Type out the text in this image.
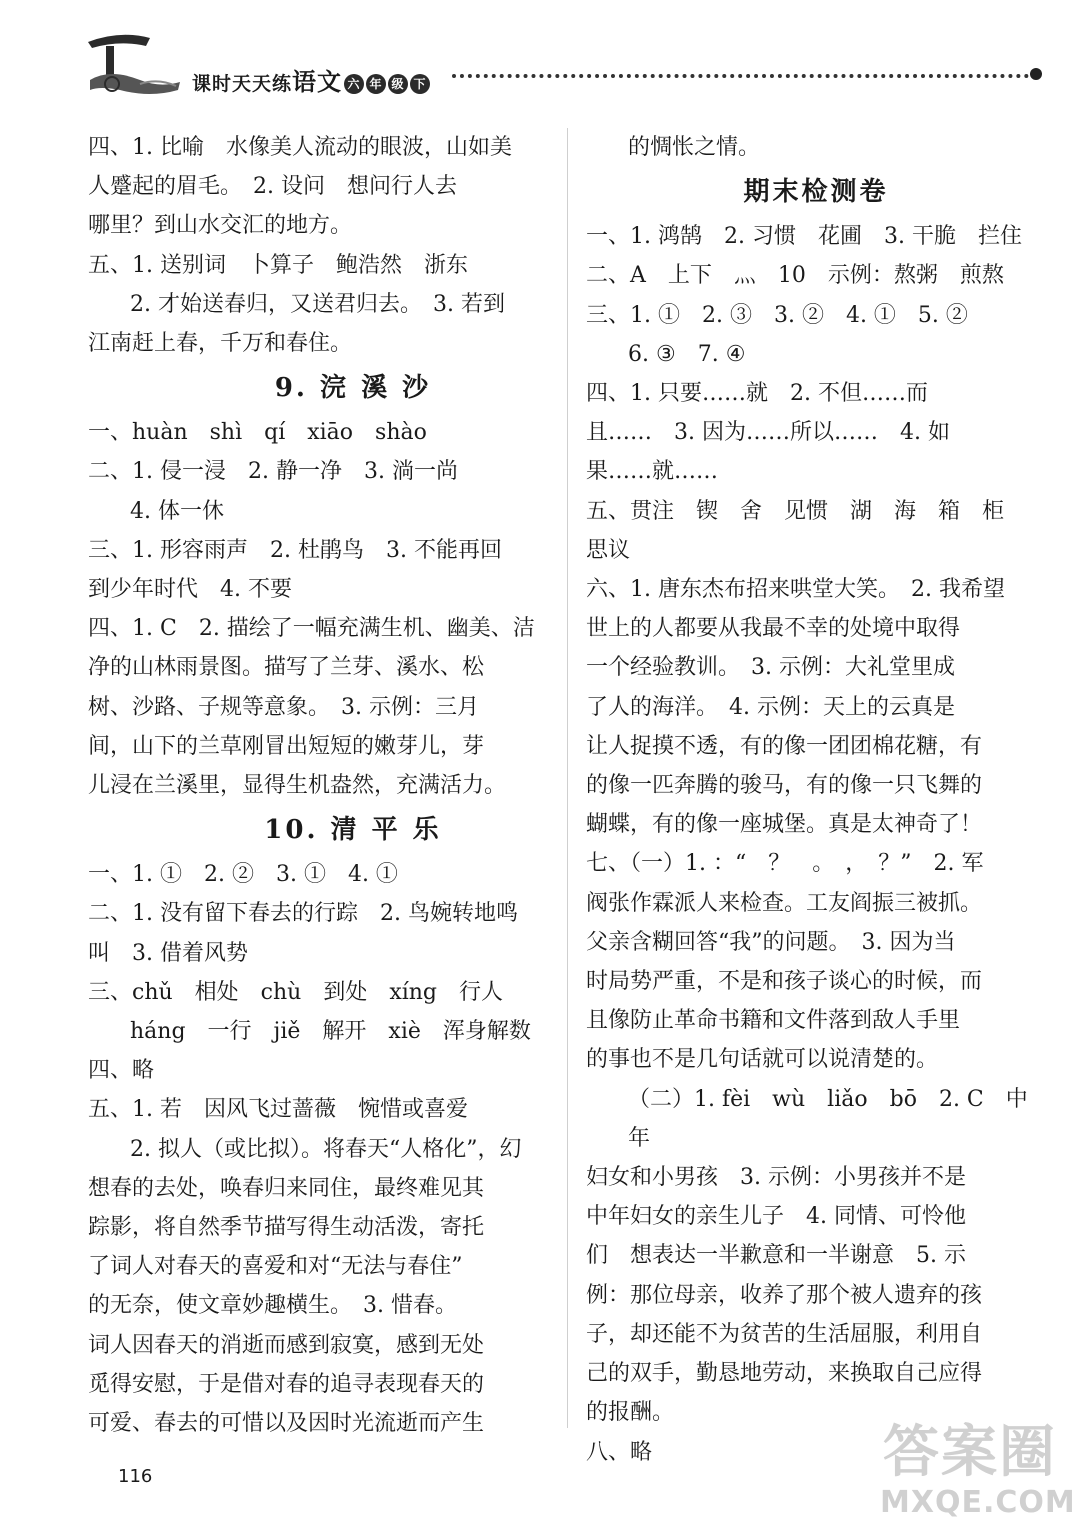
课时天天练语文 六 年 级 下

四、1. 比喻　水像美人流动的眼波，山如美

人蹙起的眉毛。　2. 设问　想问行人去

哪里？到山水交汇的地方。

五、1. 送别词　卜算子　鲍浩然　浙东

2. 才始送春归，又送君归去。　3. 若到

江南赶上春，千万和春住。

9. 浣 溪 沙

一、huàn　shì　qí　xiāo　shào

二、1. 侵一浸　2. 静一净　3. 淌一尚

4. 体一休

三、1. 形容雨声　2. 杜鹃鸟　3. 不能再回

到少年时代　4. 不要

四、1. C　2. 描绘了一幅充满生机、幽美、洁

净的山林雨景图。描写了兰芽、溪水、松

树、沙路、子规等意象。　3. 示例：三月

间，山下的兰草刚冒出短短的嫩芽儿，芽

儿浸在兰溪里，显得生机盎然，充满活力。

10. 清 平 乐

一、1. ①　2. ②　3. ①　4. ①

二、1. 没有留下春去的行踪　2. 鸟婉转地鸣

叫　3. 借着风势

三、chǔ　相处　chù　到处　xíng　行人

háng　一行　jiě　解开　xiè　浑身解数

四、略

五、1. 若　因风飞过蔷薇　惋惜或喜爱

2. 拟人（或比拟）。将春天“人格化”，幻

想春的去处，唤春归来同住，最终难见其

踪影，将自然季节描写得生动活泼，寄托

了词人对春天的喜爱和对“无法与春住”

的无奈，使文章妙趣横生。　3. 惜春。

词人因春天的消逝而感到寂寞，感到无处

觅得安慰，于是借对春的追寻表现春天的

可爱、春去的可惜以及因时光流逝而产生

的惆怅之情。

期末检测卷

一、1. 鸿鹄　2. 习惯　花圃　3. 干脆　拦住

二、A　上下　灬　10　示例：熬粥　煎熬

三、1. ①　2. ③　3. ②　4. ①　5. ②

6. ③　7. ④

四、1. 只要……就　2. 不但……而

且……　3. 因为……所以……　4. 如

果……就……

五、贯注　锲　舍　见惯　湖　海　箱　柜

思议

六、1. 唐东杰布招来哄堂大笑。　2. 我希望

世上的人都要从我最不幸的处境中取得

一个经验教训。　3. 示例：大礼堂里成

了人的海洋。　4. 示例：天上的云真是

让人捉摸不透，有的像一团团棉花糖，有

的像一匹奔腾的骏马，有的像一只飞舞的

蝴蝶，有的像一座城堡。真是太神奇了！

七、（一）1. ：“　？　。　，　？”　2. 军

阀张作霖派人来检查。工友阎振三被抓。

父亲含糊回答“我”的问题。　3. 因为当

时局势严重，不是和孩子谈心的时候，而

且像防止革命书籍和文件落到敌人手里

的事也不是几句话就可以说清楚的。

（二）1. fèi　wù　liǎo　bō　2. C　中年

妇女和小男孩　3. 示例：小男孩并不是

中年妇女的亲生儿子　4. 同情、可怜他

们　想表达一半歉意和一半谢意　5. 示

例：那位母亲，收养了那个被人遗弃的孩

子，却还能不为贫苦的生活屈服，利用自

己的双手，勤恳地劳动，来换取自己应得

的报酬。

八、略

116	答案圈
MXQE.COM
